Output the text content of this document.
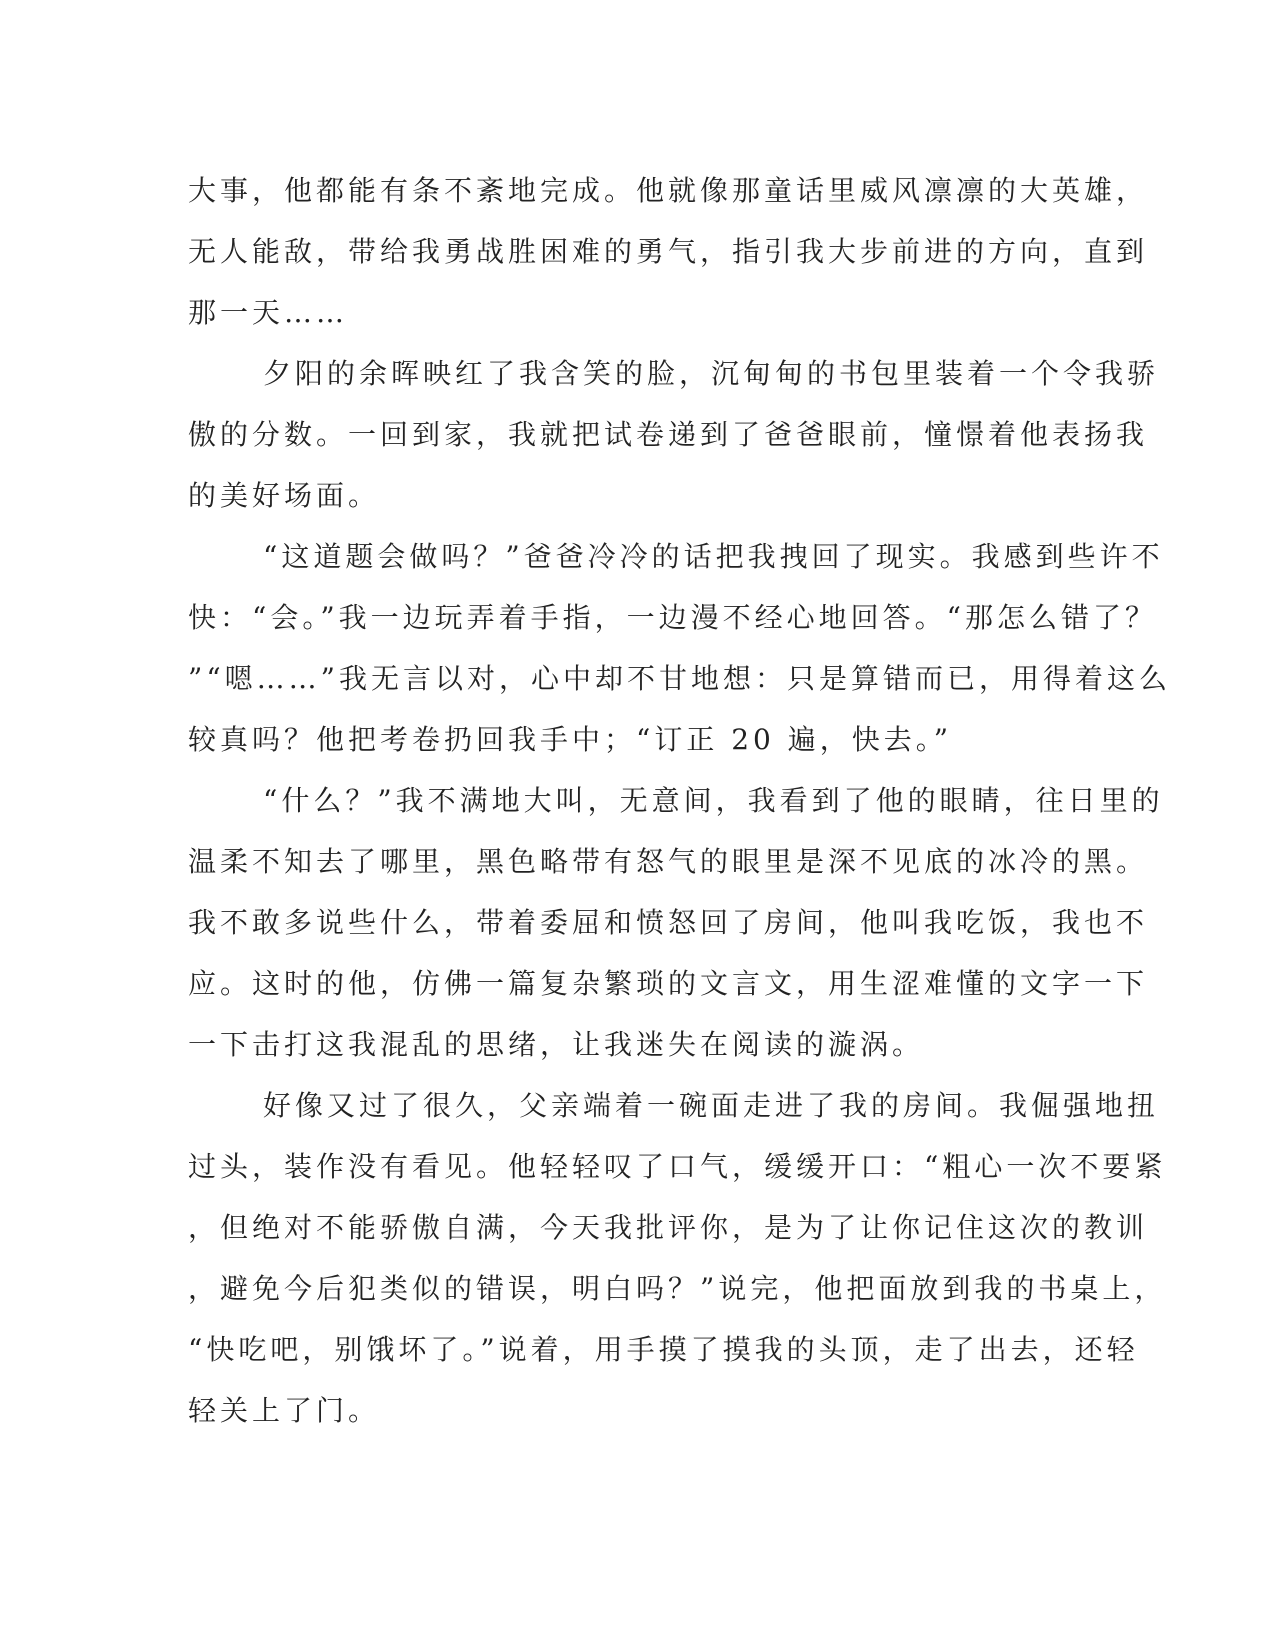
大事，他都能有条不紊地完成。他就像那童话里威风凛凛的大英雄，
无人能敌，带给我勇战胜困难的勇气，指引我大步前进的方向，直到
那一天……
夕阳的余晖映红了我含笑的脸，沉甸甸的书包里装着一个令我骄
傲的分数。一回到家，我就把试卷递到了爸爸眼前，憧憬着他表扬我
的美好场面。
“这道题会做吗？”爸爸冷冷的话把我拽回了现实。我感到些许不
快：“会。”我一边玩弄着手指，一边漫不经心地回答。“那怎么错了？
”“嗯……”我无言以对，心中却不甘地想：只是算错而已，用得着这么
较真吗？他把考卷扔回我手中；“订正 20 遍，快去。”
“什么？”我不满地大叫，无意间，我看到了他的眼睛，往日里的
温柔不知去了哪里，黑色略带有怒气的眼里是深不见底的冰冷的黑。
我不敢多说些什么，带着委屈和愤怒回了房间，他叫我吃饭，我也不
应。这时的他，仿佛一篇复杂繁琐的文言文，用生涩难懂的文字一下
一下击打这我混乱的思绪，让我迷失在阅读的漩涡。
好像又过了很久，父亲端着一碗面走进了我的房间。我倔强地扭
过头，装作没有看见。他轻轻叹了口气，缓缓开口：“粗心一次不要紧
，但绝对不能骄傲自满，今天我批评你，是为了让你记住这次的教训
，避免今后犯类似的错误，明白吗？”说完，他把面放到我的书桌上，
“快吃吧，别饿坏了。”说着，用手摸了摸我的头顶，走了出去，还轻
轻关上了门。
